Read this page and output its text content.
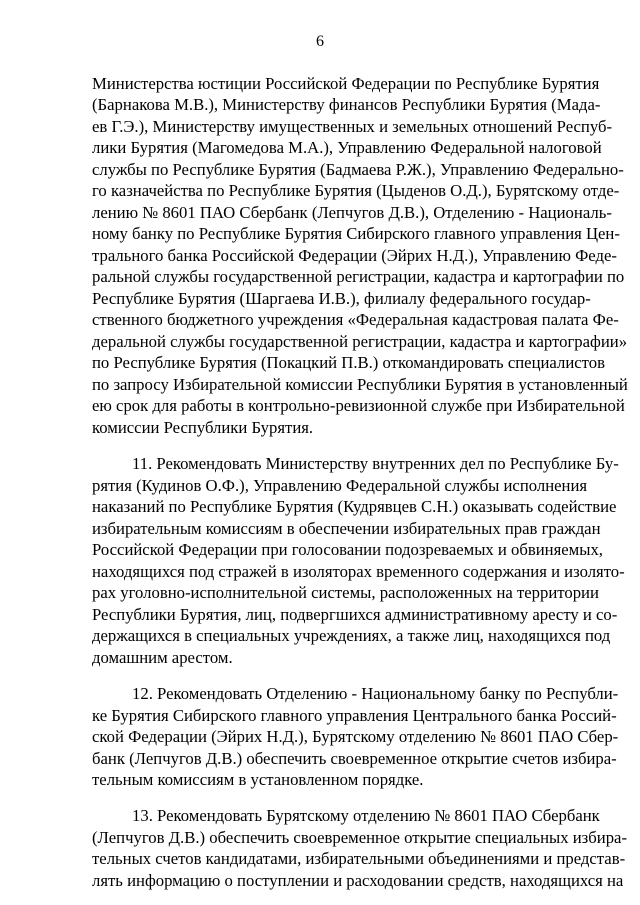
6
Министерства юстиции Российской Федерации по Республике Бурятия
(Барнакова М.В.), Министерству финансов Республики Бурятия (Мада-
ев Г.Э.), Министерству имущественных и земельных отношений Респуб-
лики Бурятия (Магомедова М.А.), Управлению Федеральной налоговой
службы по Республике Бурятия (Бадмаева Р.Ж.), Управлению Федерально-
го казначейства по Республике Бурятия (Цыденов О.Д.), Бурятскому отде-
лению № 8601 ПАО Сбербанк (Лепчугов Д.В.), Отделению - Националь-
ному банку по Республике Бурятия Сибирского главного управления Цен-
трального банка Российской Федерации (Эйрих Н.Д.), Управлению Феде-
ральной службы государственной регистрации, кадастра и картографии по
Республике Бурятия (Шаргаева И.В.), филиалу федерального государ-
ственного бюджетного учреждения «Федеральная кадастровая палата Фе-
деральной службы государственной регистрации, кадастра и картографии»
по Республике Бурятия (Покацкий П.В.) откомандировать специалистов
по запросу Избирательной комиссии Республики Бурятия в установленный
ею срок для работы в контрольно-ревизионной службе при Избирательной
комиссии Республики Бурятия.
11. Рекомендовать Министерству внутренних дел по Республике Бу-
рятия (Кудинов О.Ф.), Управлению Федеральной службы исполнения
наказаний по Республике Бурятия (Кудрявцев С.Н.) оказывать содействие
избирательным комиссиям в обеспечении избирательных прав граждан
Российской Федерации при голосовании подозреваемых и обвиняемых,
находящихся под стражей в изоляторах временного содержания и изолято-
рах уголовно-исполнительной системы, расположенных на территории
Республики Бурятия, лиц, подвергшихся административному аресту и со-
держащихся в специальных учреждениях, а также лиц, находящихся под
домашним арестом.
12. Рекомендовать Отделению - Национальному банку по Республи-
ке Бурятия Сибирского главного управления Центрального банка Россий-
ской Федерации (Эйрих Н.Д.), Бурятскому отделению № 8601 ПАО Сбер-
банк (Лепчугов Д.В.) обеспечить своевременное открытие счетов избира-
тельным комиссиям в установленном порядке.
13. Рекомендовать Бурятскому отделению № 8601 ПАО Сбербанк
(Лепчугов Д.В.) обеспечить своевременное открытие специальных избира-
тельных счетов кандидатами, избирательными объединениями и представ-
лять информацию о поступлении и расходовании средств, находящихся на
